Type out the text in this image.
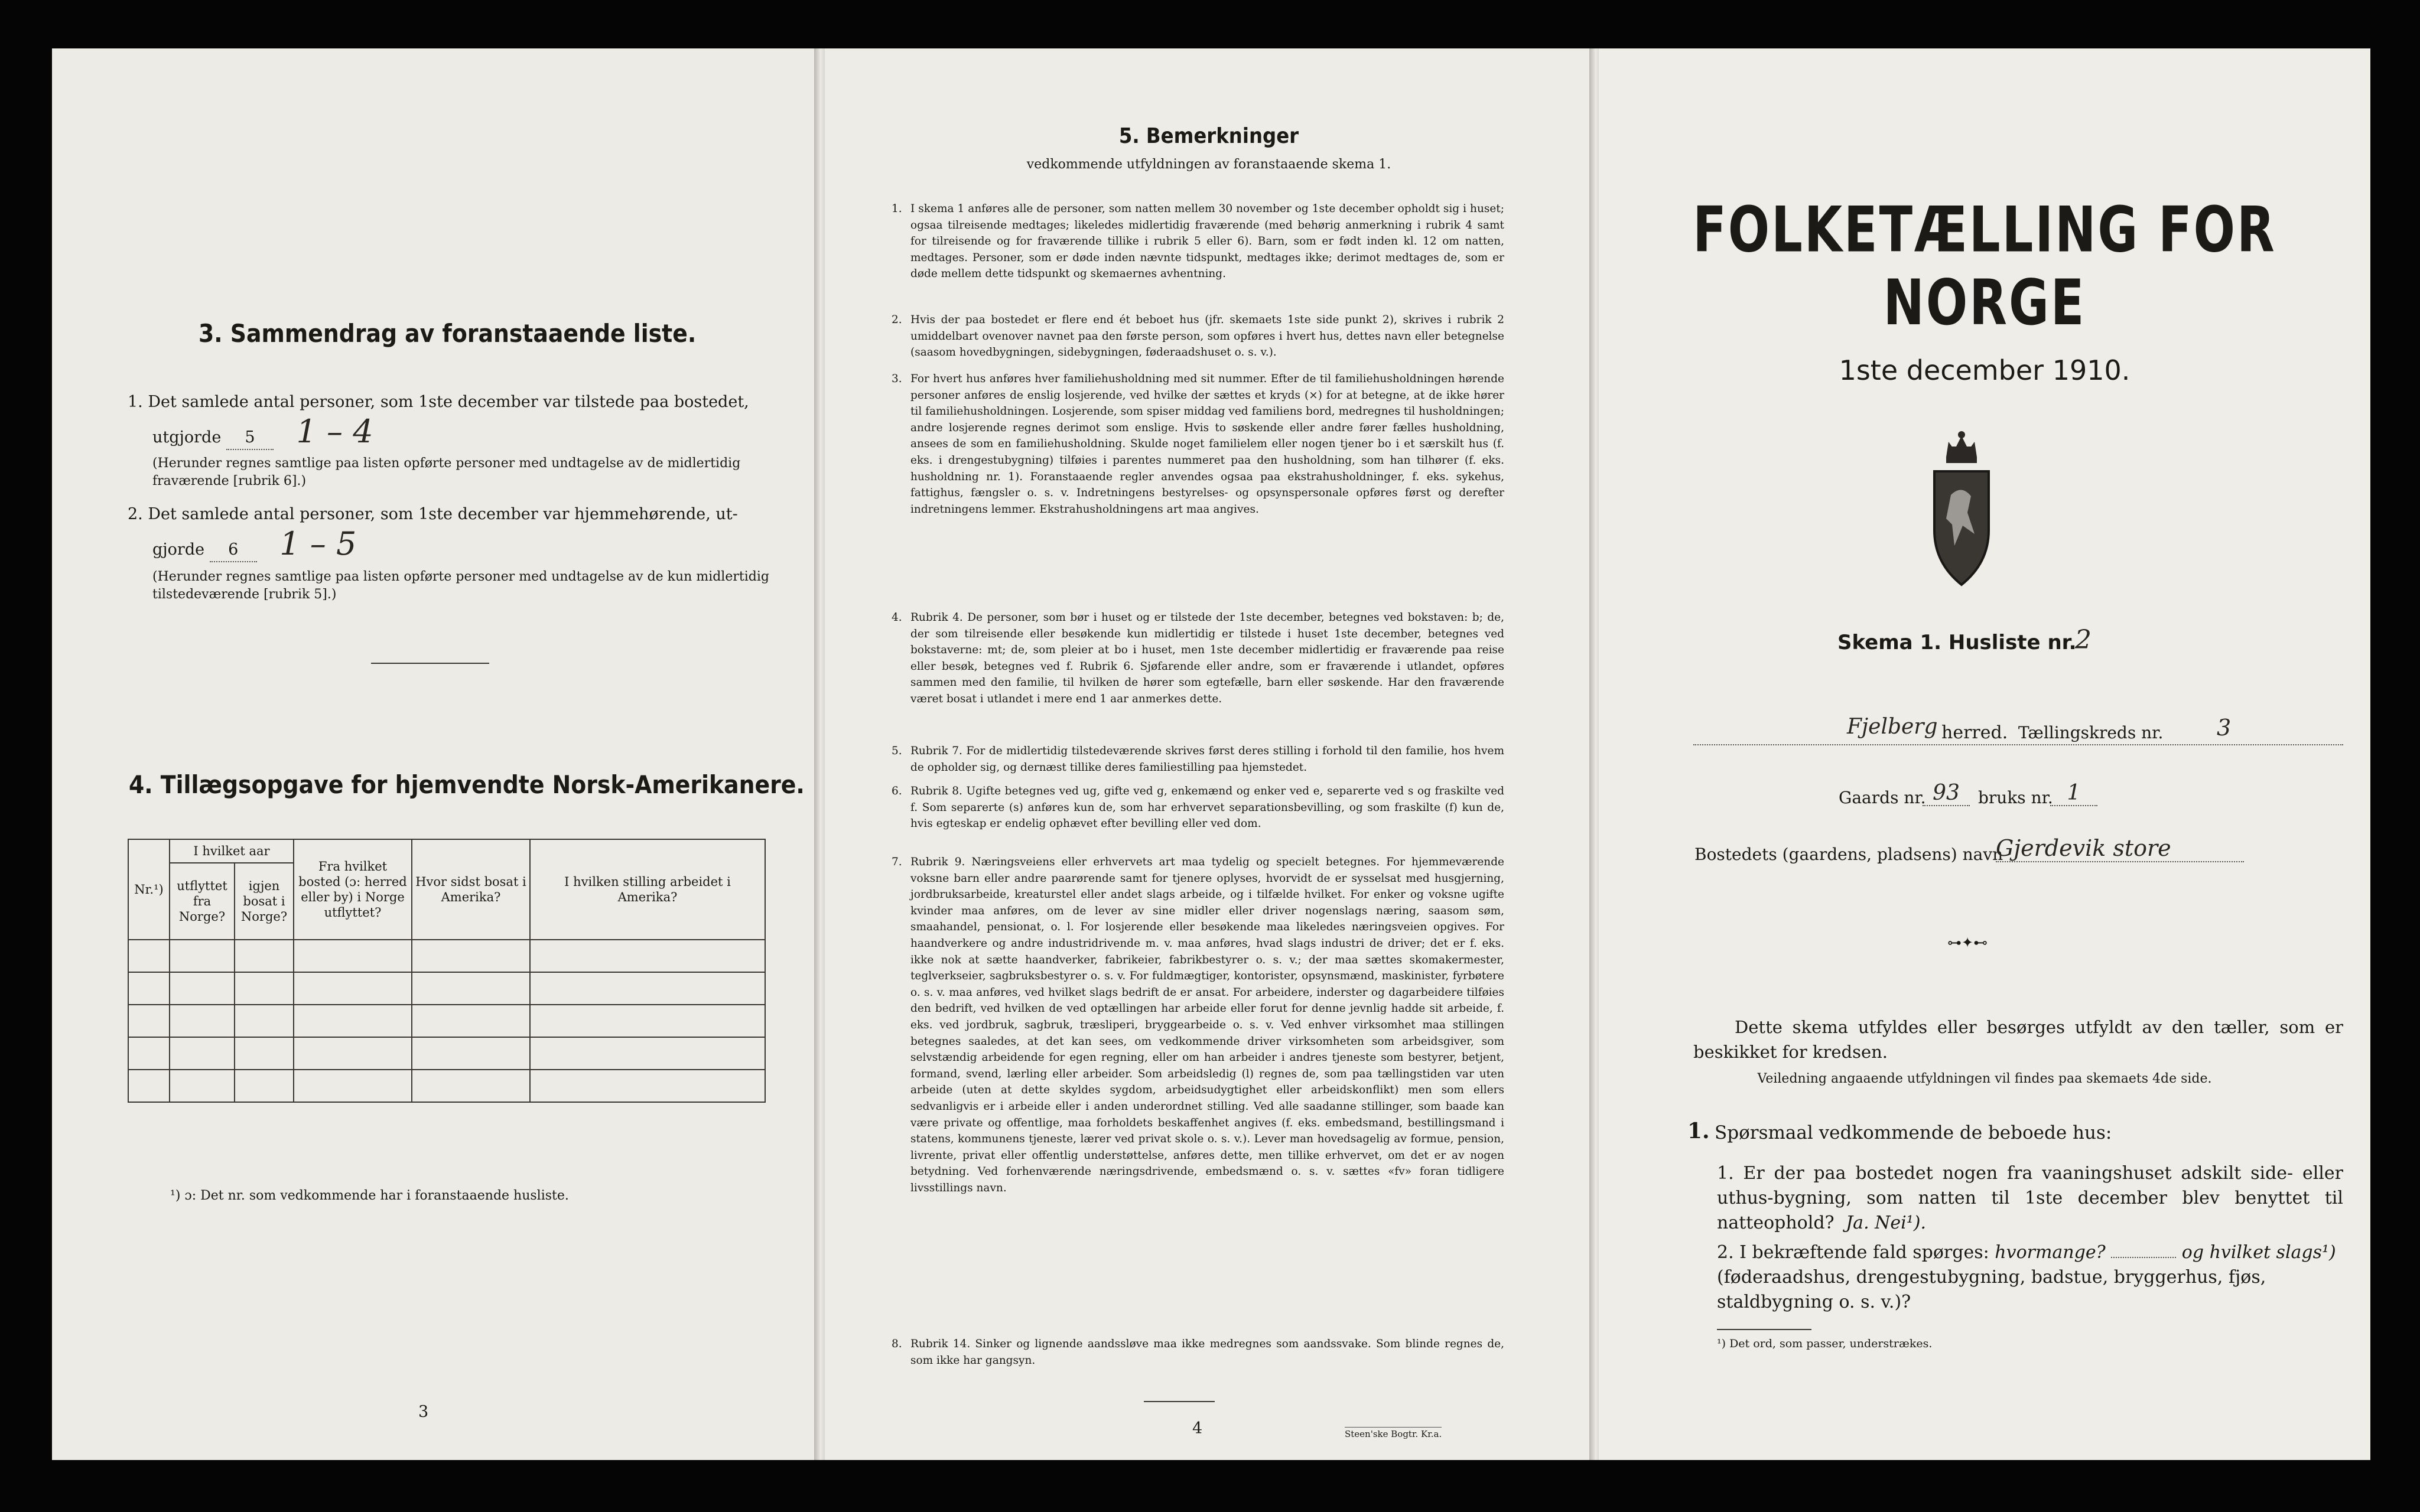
3. Sammendrag av foranstaaende liste.
1. Det samlede antal personer, som 1ste december var tilstede paa bostedet,
utgjorde 5 1 – 4
(Herunder regnes samtlige paa listen opførte personer med undtagelse av de midlertidig fraværende [rubrik 6].)
2. Det samlede antal personer, som 1ste december var hjemmehørende, ut-
gjorde 6 1 – 5
(Herunder regnes samtlige paa listen opførte personer med undtagelse av de kun midlertidig tilstedeværende [rubrik 5].)
4. Tillægsopgave for hjemvendte Norsk-Amerikanere.
Nr.¹)	I hvilket aar		Fra hvilket bosted (ɔ: herred eller by) i Norge utflyttet?	Hvor sidst bosat i Amerika?	I hvilken stilling arbeidet i Amerika?
	utflyttet fra Norge?	igjen bosat i Norge?			

¹) ɔ: Det nr. som vedkommende har i foranstaaende husliste.
3
5. Bemerkninger
vedkommende utfyldningen av foranstaaende skema 1.
1. I skema 1 anføres alle de personer, som natten mellem 30 november og 1ste december opholdt sig i huset; ogsaa tilreisende medtages; likeledes midlertidig fraværende (med behørig anmerkning i rubrik 4 samt for tilreisende og for fraværende tillike i rubrik 5 eller 6). Barn, som er født inden kl. 12 om natten, medtages. Personer, som er døde inden nævnte tidspunkt, medtages ikke; derimot medtages de, som er døde mellem dette tidspunkt og skemaernes avhentning.
2. Hvis der paa bostedet er flere end ét beboet hus (jfr. skemaets 1ste side punkt 2), skrives i rubrik 2 umiddelbart ovenover navnet paa den første person, som opføres i hvert hus, dettes navn eller betegnelse (saasom hovedbygningen, sidebygningen, føderaadshuset o. s. v.).
3. For hvert hus anføres hver familiehusholdning med sit nummer. Efter de til familiehusholdningen hørende personer anføres de enslig losjerende, ved hvilke der sættes et kryds (×) for at betegne, at de ikke hører til familiehusholdningen. Losjerende, som spiser middag ved familiens bord, medregnes til husholdningen; andre losjerende regnes derimot som enslige. Hvis to søskende eller andre fører fælles husholdning, ansees de som en familiehusholdning. Skulde noget familielem eller nogen tjener bo i et særskilt hus (f. eks. i drengestubygning) tilføies i parentes nummeret paa den husholdning, som han tilhører (f. eks. husholdning nr. 1). Foranstaaende regler anvendes ogsaa paa ekstrahusholdninger, f. eks. sykehus, fattighus, fængsler o. s. v. Indretningens bestyrelses- og opsynspersonale opføres først og derefter indretningens lemmer. Ekstrahusholdningens art maa angives.
4. Rubrik 4. De personer, som bør i huset og er tilstede der 1ste december, betegnes ved bokstaven: b; de, der som tilreisende eller besøkende kun midlertidig er tilstede i huset 1ste december, betegnes ved bokstaverne: mt; de, som pleier at bo i huset, men 1ste december midlertidig er fraværende paa reise eller besøk, betegnes ved f. Rubrik 6. Sjøfarende eller andre, som er fraværende i utlandet, opføres sammen med den familie, til hvilken de hører som egtefælle, barn eller søskende. Har den fraværende været bosat i utlandet i mere end 1 aar anmerkes dette.
5. Rubrik 7. For de midlertidig tilstedeværende skrives først deres stilling i forhold til den familie, hos hvem de opholder sig, og dernæst tillike deres familiestilling paa hjemstedet.
6. Rubrik 8. Ugifte betegnes ved ug, gifte ved g, enkemænd og enker ved e, separerte ved s og fraskilte ved f. Som separerte (s) anføres kun de, som har erhvervet separationsbevilling, og som fraskilte (f) kun de, hvis egteskap er endelig ophævet efter bevilling eller ved dom.
7. Rubrik 9. Næringsveiens eller erhvervets art maa tydelig og specielt betegnes. For hjemmeværende voksne barn eller andre paarørende samt for tjenere oplyses, hvorvidt de er sysselsat med husgjerning, jordbruksarbeide, kreaturstel eller andet slags arbeide, og i tilfælde hvilket. For enker og voksne ugifte kvinder maa anføres, om de lever av sine midler eller driver nogenslags næring, saasom søm, smaahandel, pensionat, o. l. For losjerende eller besøkende maa likeledes næringsveien opgives. For haandverkere og andre industridrivende m. v. maa anføres, hvad slags industri de driver; det er f. eks. ikke nok at sætte haandverker, fabrikeier, fabrikbestyrer o. s. v.; der maa sættes skomakermester, teglverkseier, sagbruksbestyrer o. s. v. For fuldmægtiger, kontorister, opsynsmænd, maskinister, fyrbøtere o. s. v. maa anføres, ved hvilket slags bedrift de er ansat. For arbeidere, inderster og dagarbeidere tilføies den bedrift, ved hvilken de ved optællingen har arbeide eller forut for denne jevnlig hadde sit arbeide, f. eks. ved jordbruk, sagbruk, træsliperi, bryggearbeide o. s. v. Ved enhver virksomhet maa stillingen betegnes saaledes, at det kan sees, om vedkommende driver virksomheten som arbeidsgiver, som selvstændig arbeidende for egen regning, eller om han arbeider i andres tjeneste som bestyrer, betjent, formand, svend, lærling eller arbeider. Som arbeidsledig (l) regnes de, som paa tællingstiden var uten arbeide (uten at dette skyldes sygdom, arbeidsudygtighet eller arbeidskonflikt) men som ellers sedvanligvis er i arbeide eller i anden underordnet stilling. Ved alle saadanne stillinger, som baade kan være private og offentlige, maa forholdets beskaffenhet angives (f. eks. embedsmand, bestillingsmand i statens, kommunens tjeneste, lærer ved privat skole o. s. v.). Lever man hovedsagelig av formue, pension, livrente, privat eller offentlig understøttelse, anføres dette, men tillike erhvervet, om det er av nogen betydning. Ved forhenværende næringsdrivende, embedsmænd o. s. v. sættes «fv» foran tidligere livsstillings navn.
8. Rubrik 14. Sinker og lignende aandssløve maa ikke medregnes som aandssvake. Som blinde regnes de, som ikke har gangsyn.
4	Steen'ske Bogtr. Kr.a.
FOLKETÆLLING FOR NORGE
1ste december 1910.
Skema 1. Husliste nr.
2
Fjelberg herred. Tællingskreds nr. 3
Gaards nr. 93	bruks nr. 1
Bostedets (gaardens, pladsens) navn
Gjerdevik store
⊶✦⊷
Dette skema utfyldes eller besørges utfyldt av den tæller, som er beskikket for kredsen.
Veiledning angaaende utfyldningen vil findes paa skemaets 4de side.
1. Spørsmaal vedkommende de beboede hus:
1. Er der paa bostedet nogen fra vaaningshuset adskilt side- eller uthus-bygning, som natten til 1ste december blev benyttet til natteophold? Ja. Nei¹).
2. I bekræftende fald spørges: hvormange?	og hvilket slags¹) (føderaadshus, drengestubygning, badstue, bryggerhus, fjøs, staldbygning o. s. v.)?
¹) Det ord, som passer, understrækes.
